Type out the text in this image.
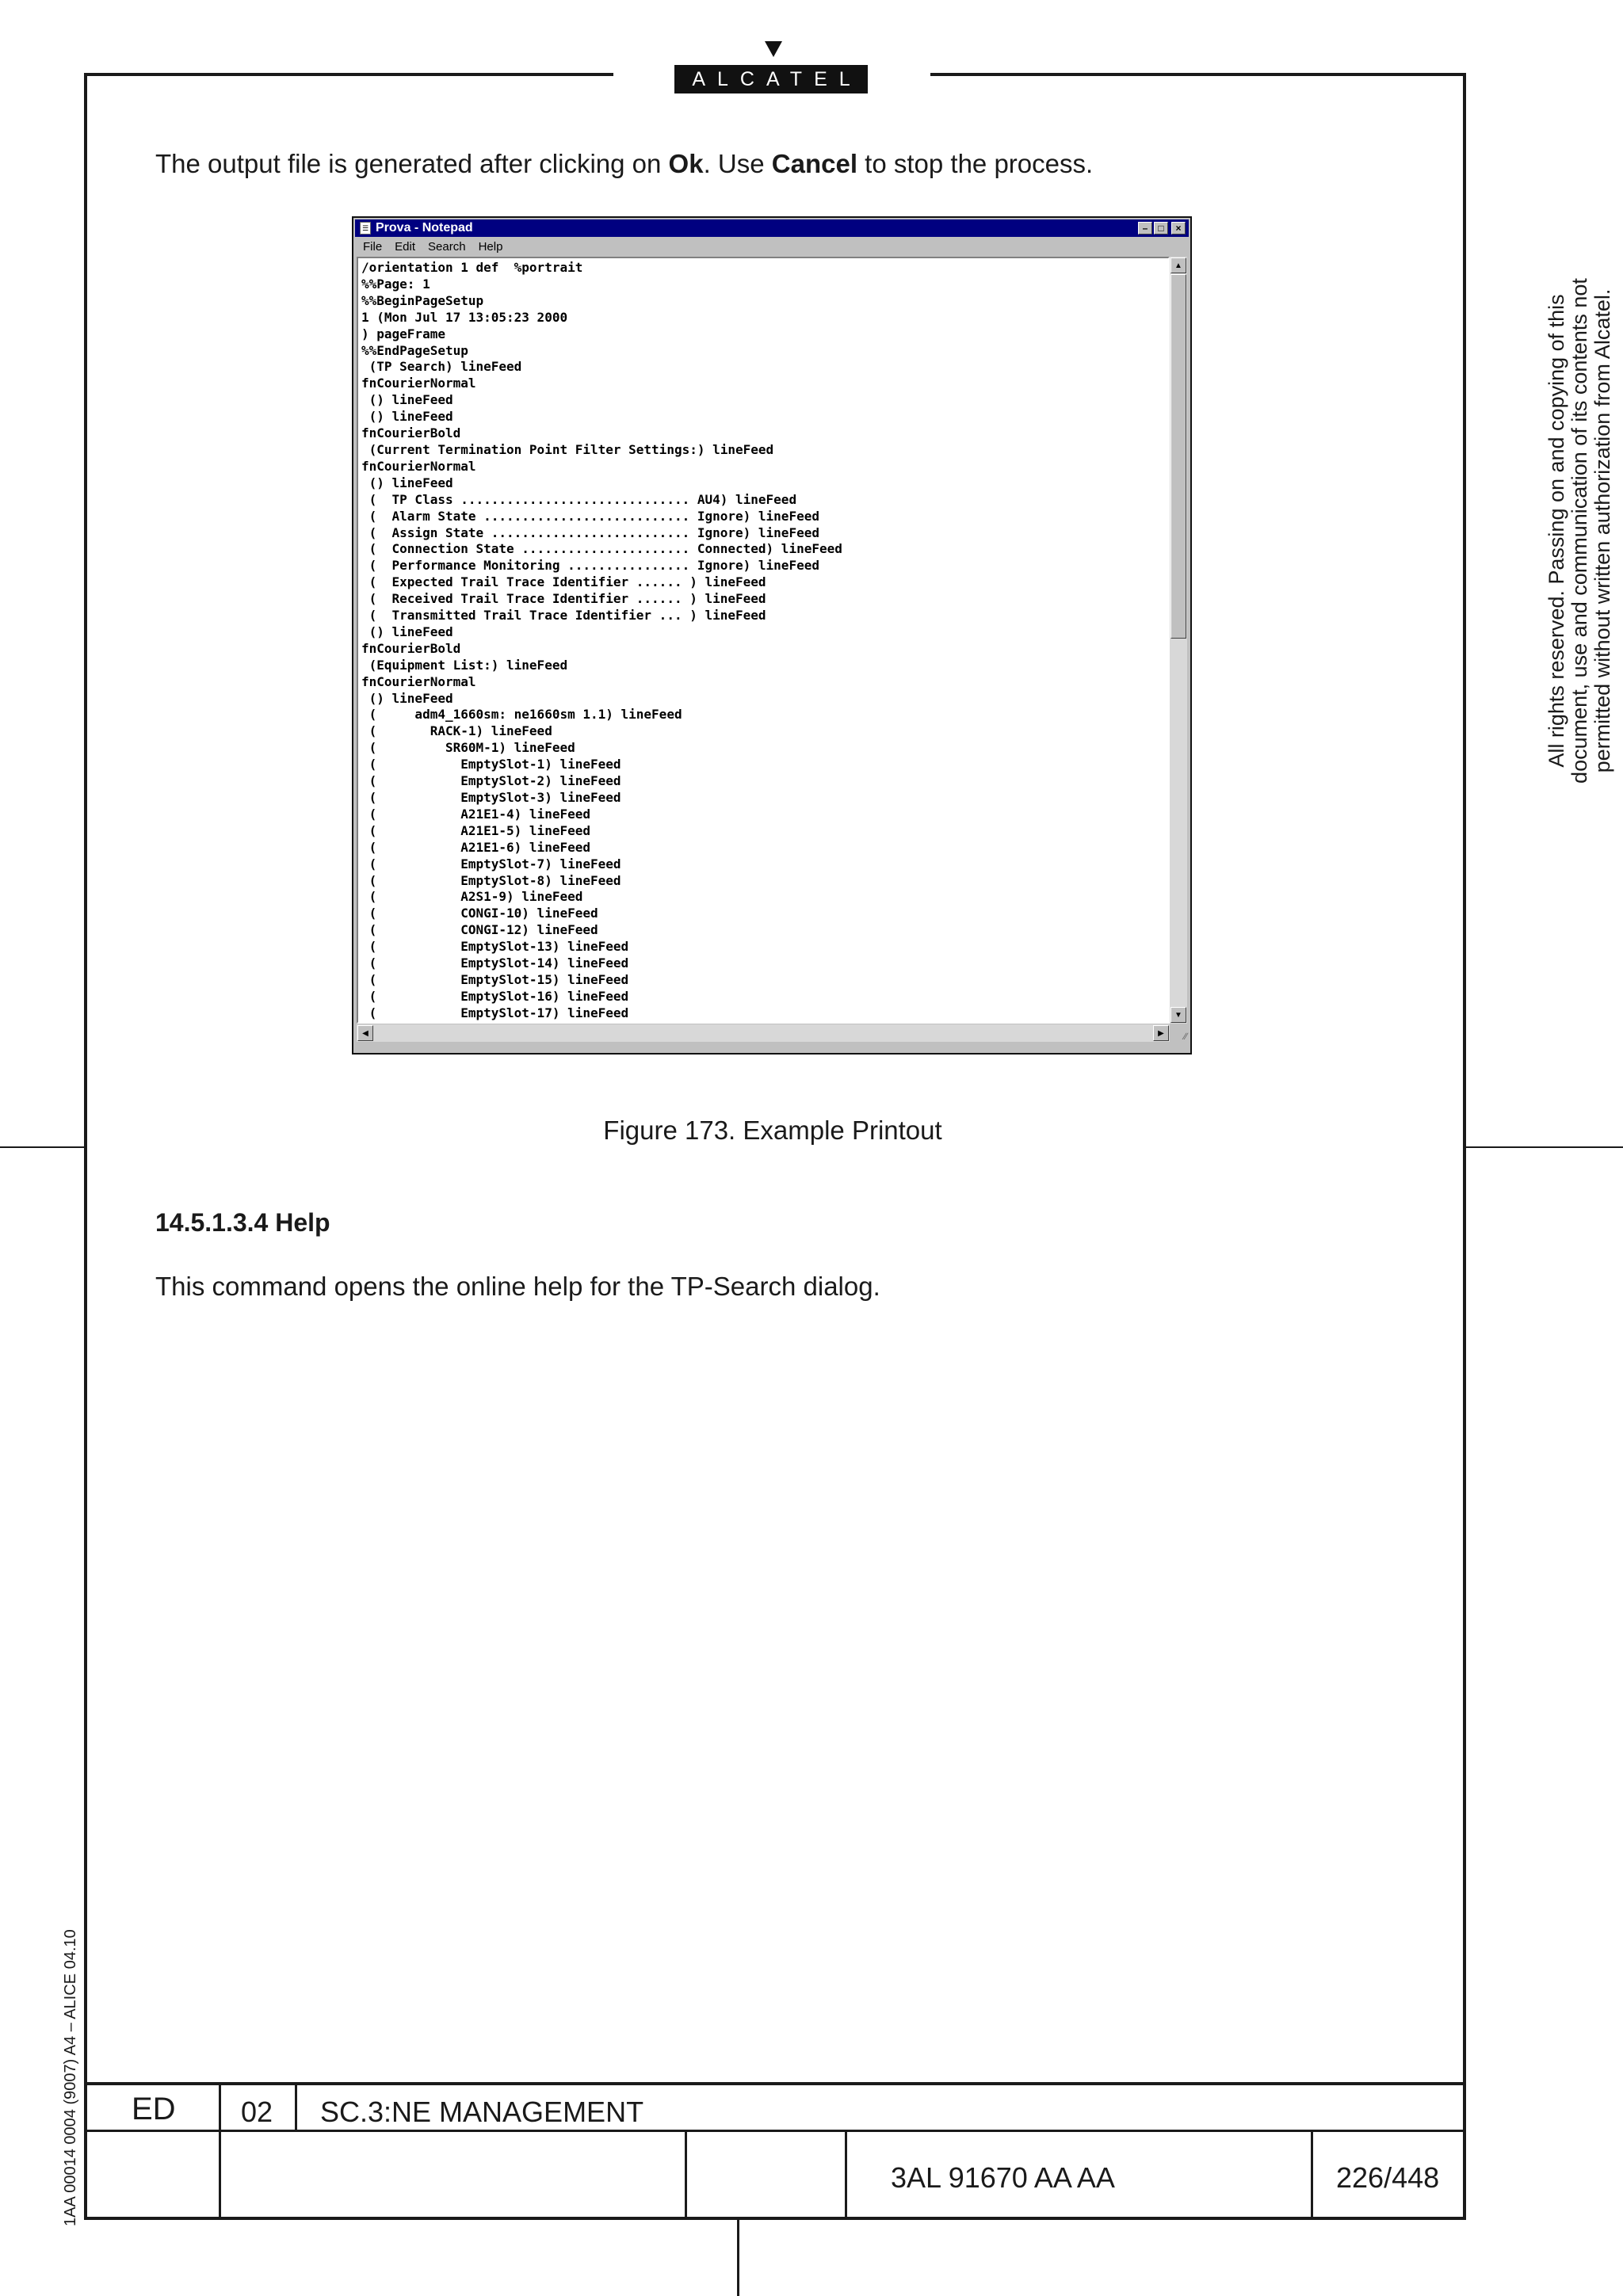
ALCATEL
The output file is generated after clicking on Ok. Use Cancel to stop the process.
☰ Prova - Notepad	–	□	×
File Edit Search Help
/orientation 1 def  %portrait
%%Page: 1
%%BeginPageSetup
1 (Mon Jul 17 13:05:23 2000
) pageFrame
%%EndPageSetup
(TP Search) lineFeed
fnCourierNormal
() lineFeed
() lineFeed
fnCourierBold
(Current Termination Point Filter Settings:) lineFeed
fnCourierNormal
() lineFeed
(  TP Class .............................. AU4) lineFeed
(  Alarm State ........................... Ignore) lineFeed
(  Assign State .......................... Ignore) lineFeed
(  Connection State ...................... Connected) lineFeed
(  Performance Monitoring ................ Ignore) lineFeed
(  Expected Trail Trace Identifier ...... ) lineFeed
(  Received Trail Trace Identifier ...... ) lineFeed
(  Transmitted Trail Trace Identifier ... ) lineFeed
() lineFeed
fnCourierBold
(Equipment List:) lineFeed
fnCourierNormal
() lineFeed
(     adm4_1660sm: ne1660sm 1.1) lineFeed
(       RACK-1) lineFeed
(         SR60M-1) lineFeed
(           EmptySlot-1) lineFeed
(           EmptySlot-2) lineFeed
(           EmptySlot-3) lineFeed
(           A21E1-4) lineFeed
(           A21E1-5) lineFeed
(           A21E1-6) lineFeed
(           EmptySlot-7) lineFeed
(           EmptySlot-8) lineFeed
(           A2S1-9) lineFeed
(           CONGI-10) lineFeed
(           CONGI-12) lineFeed
(           EmptySlot-13) lineFeed
(           EmptySlot-14) lineFeed
(           EmptySlot-15) lineFeed
(           EmptySlot-16) lineFeed
(           EmptySlot-17) lineFeed
▲
▼
◀	▶	∕∕
Figure 173. Example Printout
14.5.1.3.4 Help
This command opens the online help for the TP-Search dialog.
All rights reserved. Passing on and copying of this document, use and communication of its contents not permitted without written authorization from Alcatel.
1AA 00014 0004 (9007) A4 – ALICE 04.10 ED 02 SC.3:NE MANAGEMENT
3AL 91670 AA AA	226/448
